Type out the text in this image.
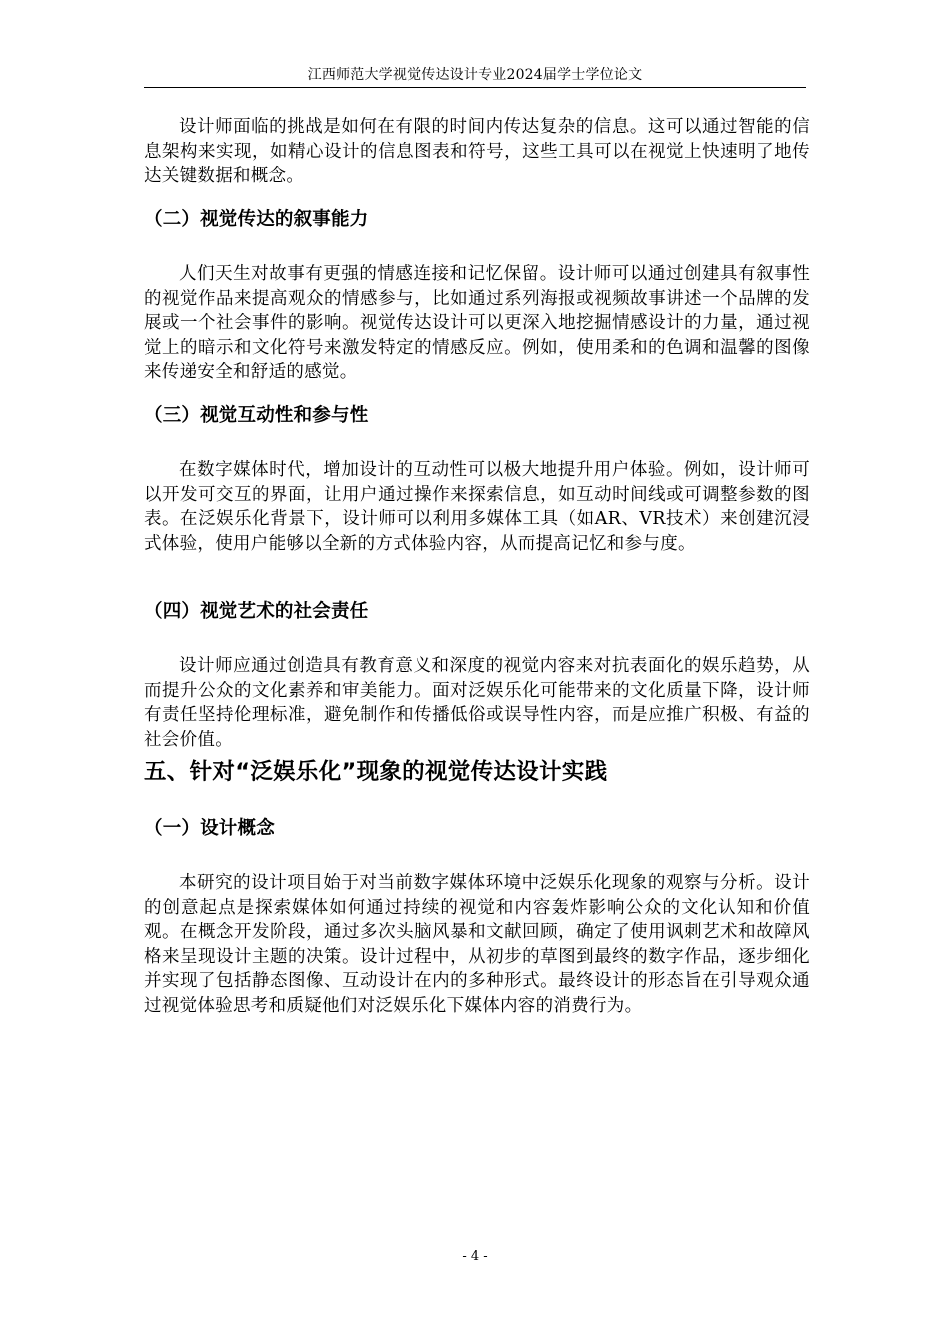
江西师范大学视觉传达设计专业2024届学士学位论文

设计师面临的挑战是如何在有限的时间内传达复杂的信息。这可以通过智能的信息架构来实现，如精心设计的信息图表和符号，这些工具可以在视觉上快速明了地传达关键数据和概念。

（二）视觉传达的叙事能力

人们天生对故事有更强的情感连接和记忆保留。设计师可以通过创建具有叙事性的视觉作品来提高观众的情感参与，比如通过系列海报或视频故事讲述一个品牌的发展或一个社会事件的影响。视觉传达设计可以更深入地挖掘情感设计的力量，通过视觉上的暗示和文化符号来激发特定的情感反应。例如，使用柔和的色调和温馨的图像来传递安全和舒适的感觉。

（三）视觉互动性和参与性

在数字媒体时代，增加设计的互动性可以极大地提升用户体验。例如，设计师可以开发可交互的界面，让用户通过操作来探索信息，如互动时间线或可调整参数的图表。在泛娱乐化背景下，设计师可以利用多媒体工具（如AR、VR技术）来创建沉浸式体验，使用户能够以全新的方式体验内容，从而提高记忆和参与度。

（四）视觉艺术的社会责任

设计师应通过创造具有教育意义和深度的视觉内容来对抗表面化的娱乐趋势，从而提升公众的文化素养和审美能力。面对泛娱乐化可能带来的文化质量下降，设计师有责任坚持伦理标准，避免制作和传播低俗或误导性内容，而是应推广积极、有益的社会价值。

五、针对“泛娱乐化”现象的视觉传达设计实践
（一）设计概念

本研究的设计项目始于对当前数字媒体环境中泛娱乐化现象的观察与分析。设计的创意起点是探索媒体如何通过持续的视觉和内容轰炸影响公众的文化认知和价值观。在概念开发阶段，通过多次头脑风暴和文献回顾，确定了使用讽刺艺术和故障风格来呈现设计主题的决策。设计过程中，从初步的草图到最终的数字作品，逐步细化并实现了包括静态图像、互动设计在内的多种形式。最终设计的形态旨在引导观众通过视觉体验思考和质疑他们对泛娱乐化下媒体内容的消费行为。

- 4 -
